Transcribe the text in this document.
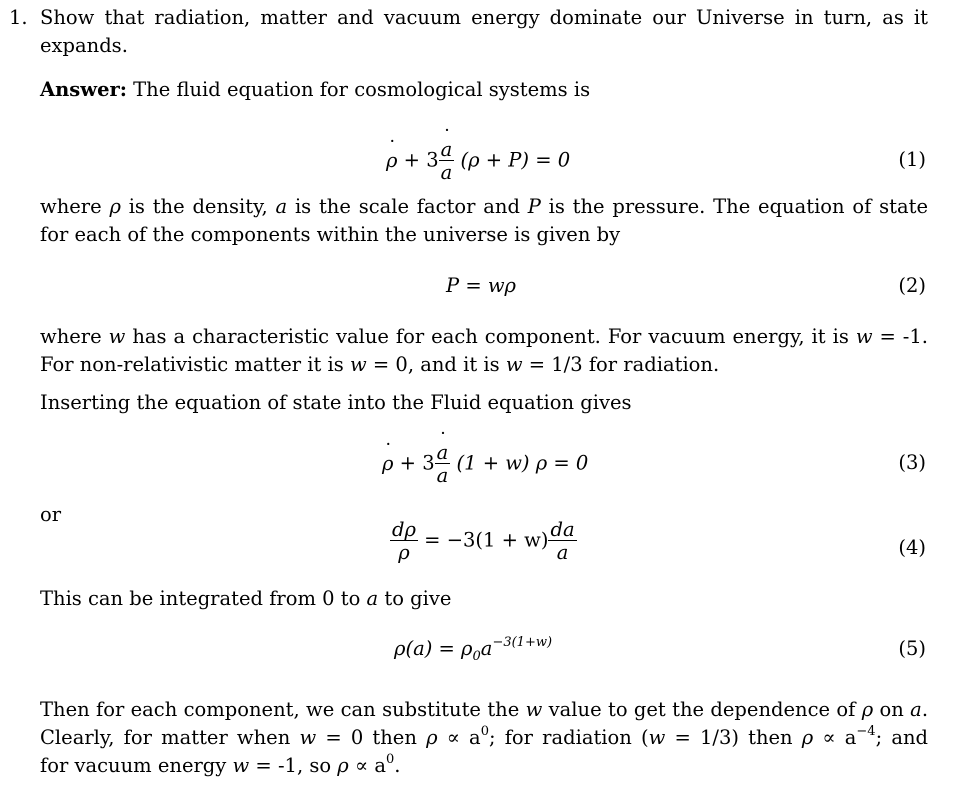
1. Show that radiation, matter and vacuum energy dominate our Universe in turn, as it
expands.
Answer: The fluid equation for cosmological systems is
ρ ˙ + $3 \frac{a ˙}{a} (\rho + P) = 0$	(1)
where ρ is the density, a is the scale factor and P is the pressure. The equation of state
for each of the components within the universe is given by
P = wρ	(2)
where w has a characteristic value for each component. For vacuum energy, it is w = -1.
For non-relativistic matter it is w = 0, and it is w = 1/3 for radiation.
Inserting the equation of state into the Fluid equation gives
ρ ˙ + $3 \frac{a ˙}{a} (1 + w) \rho = 0$	(3)
or
$\frac{d\rho}{\rho} = -3(1 + w) \frac{da}{a}$	(4)
This can be integrated from 0 to a to give
$\rho(a) = \rho_0a^{-3(1+w)}$	(5)
Then for each component, we can substitute the w value to get the dependence of ρ on a.
Clearly, for matter when w = 0 then $\rho \propto a^0$; for radiation (w = 1/3) then $\rho \propto a^{-4}$; and
for vacuum energy w = -1, so $\rho \propto a^0$.
